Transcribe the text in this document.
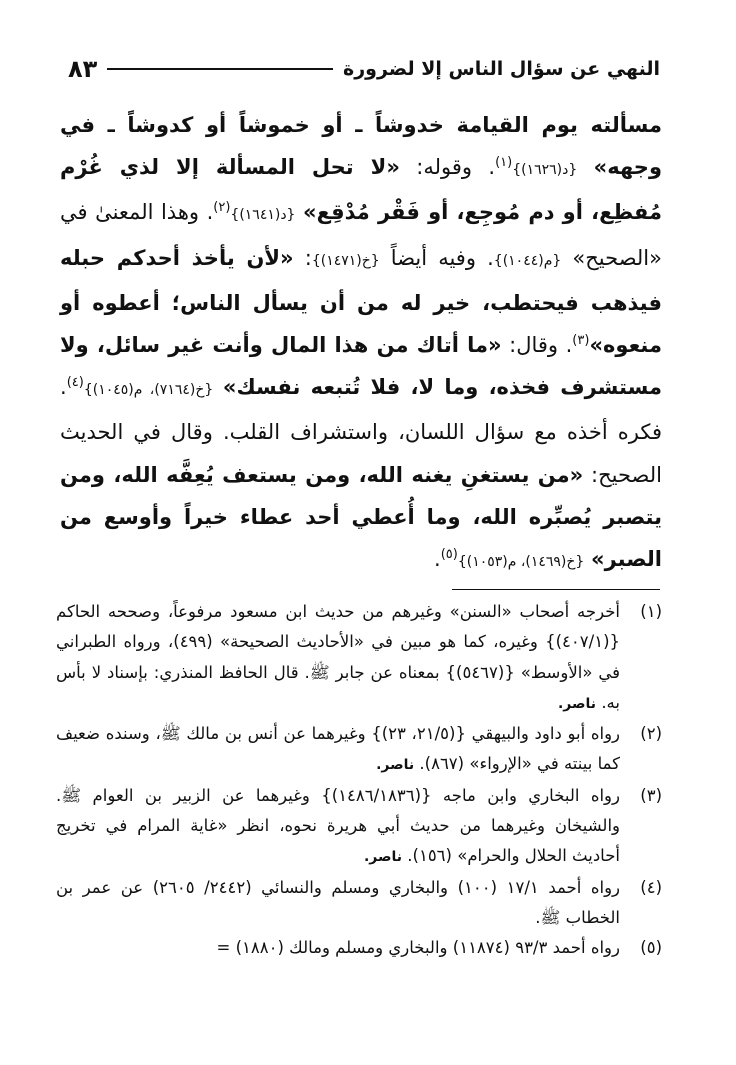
النهي عن سؤال الناس إلا لضرورة
٨٣

مسألته يوم القيامة خدوشاً ـ أو خموشاً أو كدوشاً ـ في وجهه» {د(١٦٢٦)}$^{(١)}$. وقوله: «لا تحل المسألة إلا لذي غُرْم مُفظِع، أو دم مُوجِع، أو فَقْر مُدْقِع» {د(١٦٤١)}$^{(٢)}$. وهذا المعنىٰ في «الصحيح» {م(١٠٤٤)}. وفيه أيضاً {خ(١٤٧١)}: «لأن يأخذ أحدكم حبله فيذهب فيحتطب، خير له من أن يسأل الناس؛ أعطوه أو منعوه»$^{(٣)}$. وقال: «ما أتاك من هذا المال وأنت غير سائل، ولا مستشرف فخذه، وما لا، فلا تُتبعه نفسك» {خ(٧١٦٤)، م(١٠٤٥)}$^{(٤)}$. فكره أخذه مع سؤال اللسان، واستشراف القلب. وقال في الحديث الصحيح: «من يستغنِ يغنه الله، ومن يستعف يُعِفَّه الله، ومن يتصبر يُصبِّره الله، وما أُعطي أحد عطاء خيراً وأوسع من الصبر» {خ(١٤٦٩)، م(١٠٥٣)}$^{(٥)}$.

(١)
أخرجه أصحاب «السنن» وغيرهم من حديث ابن مسعود مرفوعاً، وصححه الحاكم {(٤٠٧/١)} وغيره، كما هو مبين في «الأحاديث الصحيحة» (٤٩٩)، ورواه الطبراني في «الأوسط» {(٥٤٦٧)} بمعناه عن جابر ﷺ. قال الحافظ المنذري: بإسناد لا بأس به. ناصر.
(٢)
رواه أبو داود والبيهقي {(٢١/٥، ٢٣)} وغيرهما عن أنس بن مالك ﷺ، وسنده ضعيف كما بينته في «الإرواء» (٨٦٧). ناصر.
(٣)
رواه البخاري وابن ماجه {(١٤٨٦/١٨٣٦)} وغيرهما عن الزبير بن العوام ﷺ. والشيخان وغيرهما من حديث أبي هريرة نحوه، انظر «غاية المرام في تخريج أحاديث الحلال والحرام» (١٥٦). ناصر.
(٤)
رواه أحمد ١٧/١ (١٠٠) والبخاري ومسلم والنسائي (٢٤٤٢/ ٢٦٠٥) عن عمر بن الخطاب ﷺ.
(٥)
رواه أحمد ٩٣/٣ (١١٨٧٤) والبخاري ومسلم ومالك (١٨٨٠) =
